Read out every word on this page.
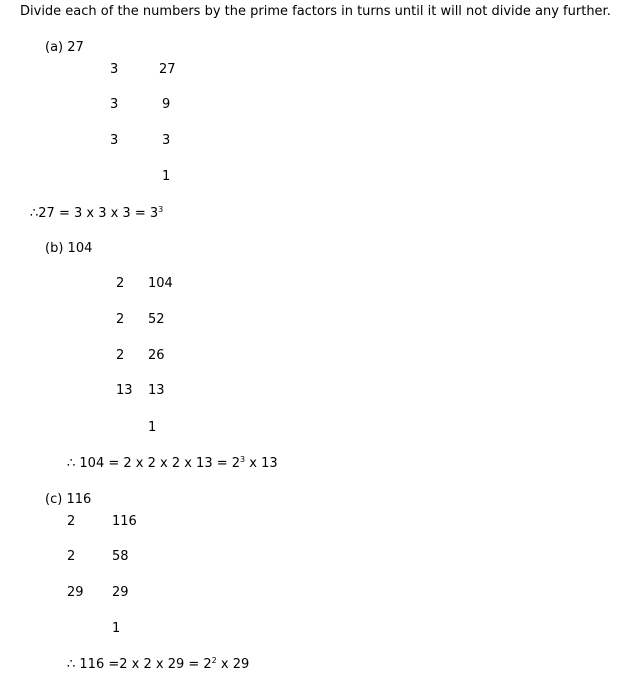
Divide each of the numbers by the prime factors in turns until it will not divide any further.
(a) 27
3	27
3	9
3	3
1
∴27 = 3 x 3 x $3 = 3^3$
(b) 104
2 104
2 52
2 26
13 13
1
∴ 104 = 2 x 2 x 2 x $13 = 2^3$ x 13
(c) 116
2	116
2	58
29 29
1
∴ 116 =2 x 2 x $29 = 2^2$ x 29
